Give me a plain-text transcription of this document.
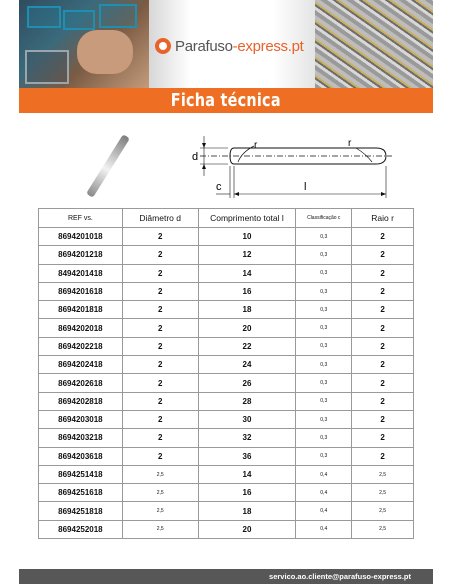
Parafuso-express.pt
Ficha técnica
d
c	l
r	r
REF vs.	Diâmetro d	Comprimento total l	Classificação c	Raio r
8694201018	2	10	0,3	2
8694201218	2	12	0,3	2
8494201418	2	14	0,3	2
8694201618	2	16	0,3	2
8694201818	2	18	0,3	2
8694202018	2	20	0,3	2
8694202218	2	22	0,3	2
8694202418	2	24	0,3	2
8694202618	2	26	0,3	2
8694202818	2	28	0,3	2
8694203018	2	30	0,3	2
8694203218	2	32	0,3	2
8694203618	2	36	0,3	2
8694251418	2,5	14	0,4	2,5
8694251618	2,5	16	0,4	2,5
8694251818	2,5	18	0,4	2,5
8694252018	2,5	20	0,4	2,5
servico.ao.cliente@parafuso-express.pt
